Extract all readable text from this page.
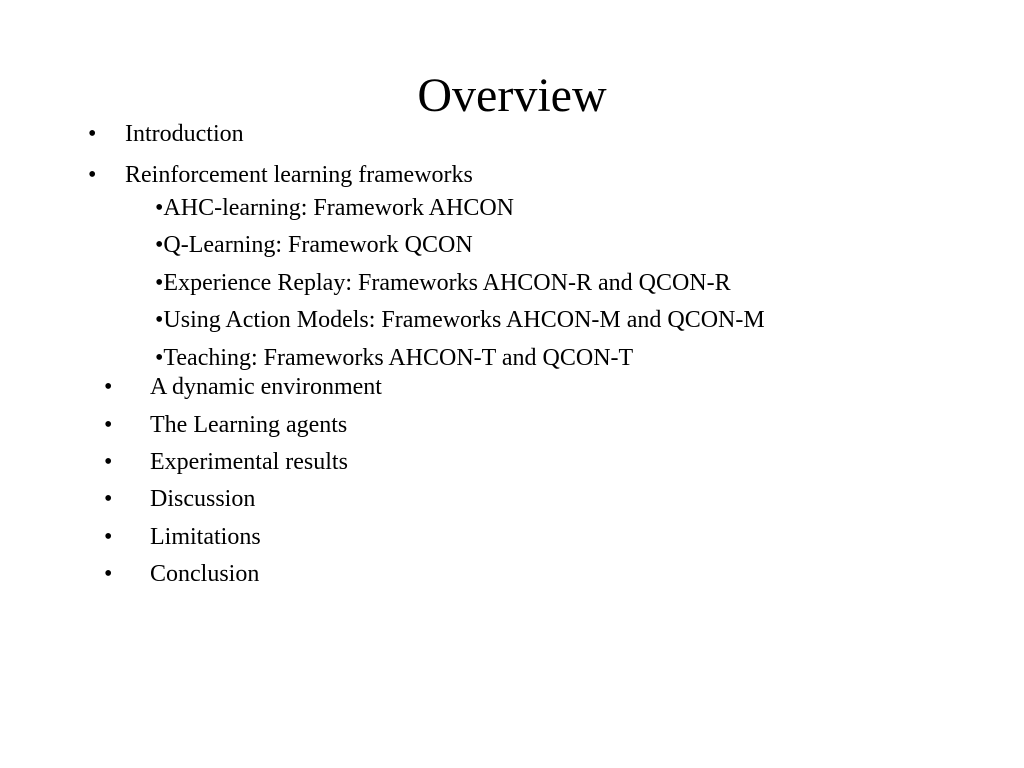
Overview
• Introduction
• Reinforcement learning frameworks
•AHC-learning: Framework AHCON
•Q-Learning: Framework QCON
•Experience Replay: Frameworks AHCON-R and QCON-R
•Using Action Models: Frameworks AHCON-M and QCON-M
•Teaching: Frameworks AHCON-T and QCON-T
• A dynamic environment
• The Learning agents
• Experimental results
• Discussion
• Limitations
• Conclusion
